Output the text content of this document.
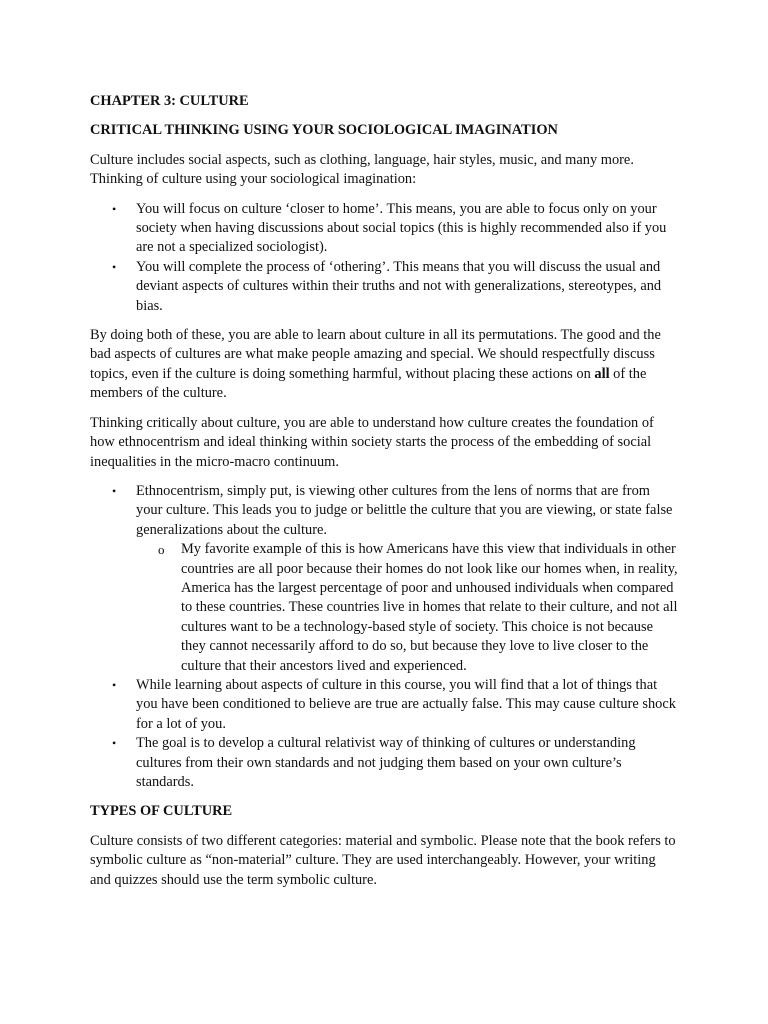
CHAPTER 3: CULTURE
CRITICAL THINKING USING YOUR SOCIOLOGICAL IMAGINATION

Culture includes social aspects, such as clothing, language, hair styles, music, and many more. Thinking of culture using your sociological imagination:

• You will focus on culture ‘closer to home’. This means, you are able to focus only on your society when having discussions about social topics (this is highly recommended also if you are not a specialized sociologist).
• You will complete the process of ‘othering’. This means that you will discuss the usual and deviant aspects of cultures within their truths and not with generalizations, stereotypes, and bias.

By doing both of these, you are able to learn about culture in all its permutations. The good and the bad aspects of cultures are what make people amazing and special. We should respectfully discuss topics, even if the culture is doing something harmful, without placing these actions on all of the members of the culture.

Thinking critically about culture, you are able to understand how culture creates the foundation of how ethnocentrism and ideal thinking within society starts the process of the embedding of social inequalities in the micro-macro continuum.

• Ethnocentrism, simply put, is viewing other cultures from the lens of norms that are from your culture. This leads you to judge or belittle the culture that you are viewing, or state false generalizations about the culture.
o My favorite example of this is how Americans have this view that individuals in other countries are all poor because their homes do not look like our homes when, in reality, America has the largest percentage of poor and unhoused individuals when compared to these countries. These countries live in homes that relate to their culture, and not all cultures want to be a technology-based style of society. This choice is not because they cannot necessarily afford to do so, but because they love to live closer to the culture that their ancestors lived and experienced.
• While learning about aspects of culture in this course, you will find that a lot of things that you have been conditioned to believe are true are actually false. This may cause culture shock for a lot of you.
• The goal is to develop a cultural relativist way of thinking of cultures or understanding cultures from their own standards and not judging them based on your own culture’s standards.
TYPES OF CULTURE

Culture consists of two different categories: material and symbolic. Please note that the book refers to symbolic culture as “non-material” culture. They are used interchangeably. However, your writing and quizzes should use the term symbolic culture.
